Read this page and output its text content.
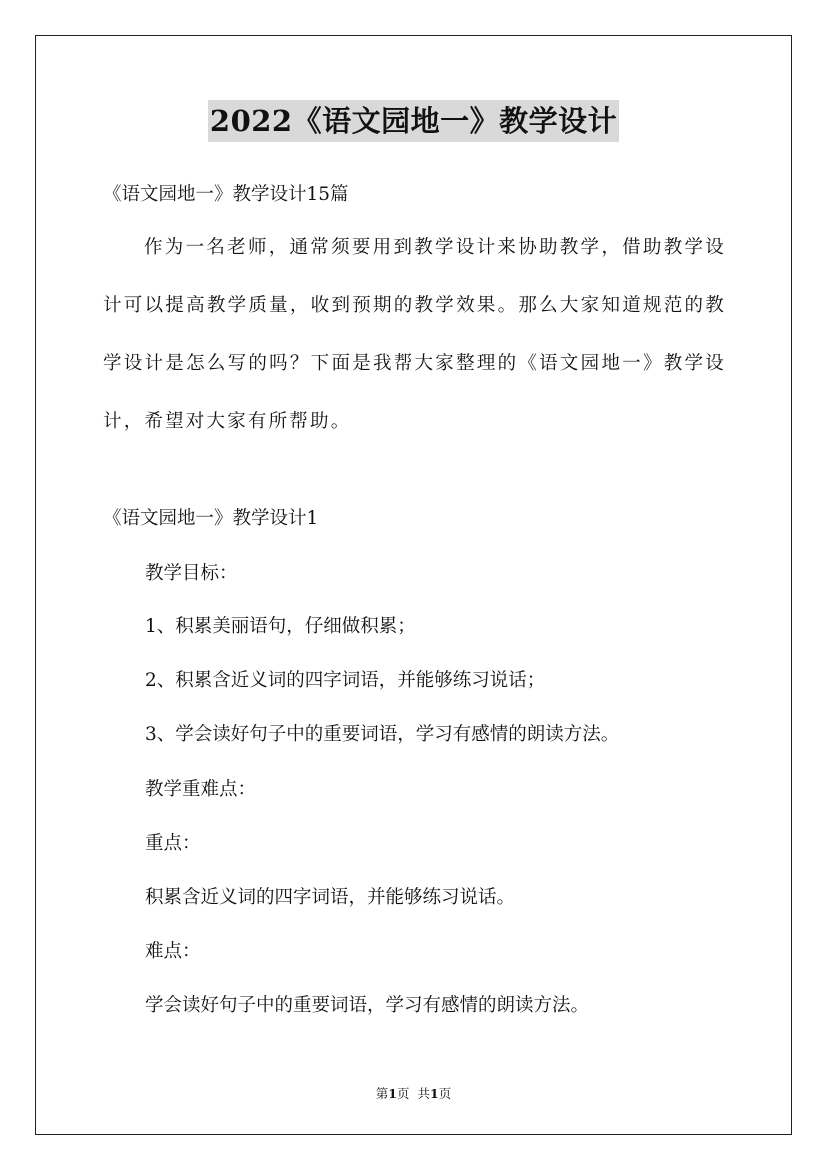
2022《语文园地一》教学设计
《语文园地一》教学设计15篇
作为一名老师，通常须要用到教学设计来协助教学，借助教学设计可以提高教学质量，收到预期的教学效果。那么大家知道规范的教学设计是怎么写的吗？下面是我帮大家整理的《语文园地一》教学设计，希望对大家有所帮助。
《语文园地一》教学设计1
教学目标：
1、积累美丽语句，仔细做积累；
2、积累含近义词的四字词语，并能够练习说话；
3、学会读好句子中的重要词语，学习有感情的朗读方法。
教学重难点：
重点：
积累含近义词的四字词语，并能够练习说话。
难点：
学会读好句子中的重要词语，学习有感情的朗读方法。
第1页 共1页
